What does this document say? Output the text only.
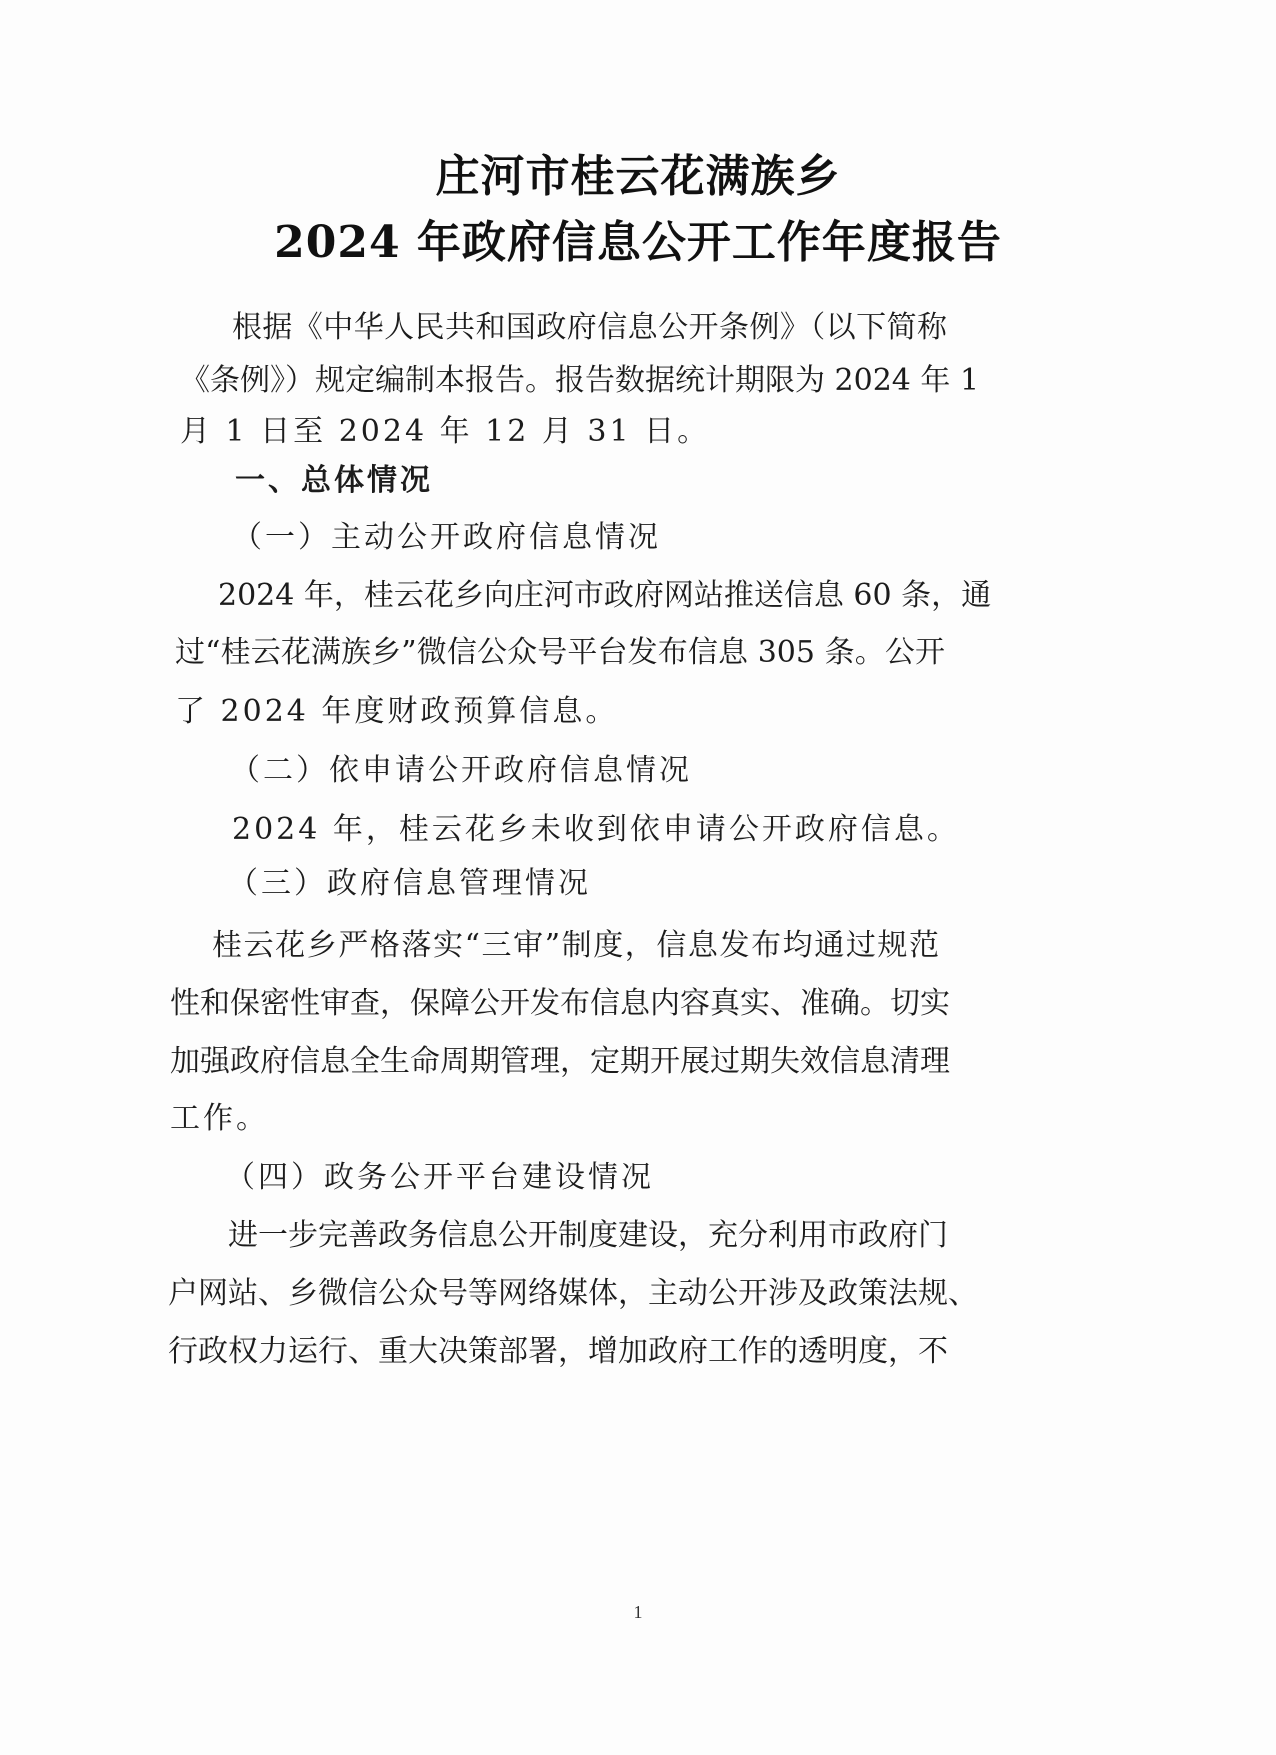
庄河市桂云花满族乡
2024 年政府信息公开工作年度报告
根据《中华人民共和国政府信息公开条例》（以下简称
《条例》）规定编制本报告。报告数据统计期限为 2024 年 1
月 1 日至 2024 年 12 月 31 日。
一、总体情况
（一）主动公开政府信息情况
2024 年，桂云花乡向庄河市政府网站推送信息 60 条，通
过“桂云花满族乡”微信公众号平台发布信息 305 条。公开
了 2024 年度财政预算信息。
（二）依申请公开政府信息情况
2024 年，桂云花乡未收到依申请公开政府信息。
（三）政府信息管理情况
桂云花乡严格落实“三审”制度，信息发布均通过规范
性和保密性审查，保障公开发布信息内容真实、准确。切实
加强政府信息全生命周期管理，定期开展过期失效信息清理
工作。
（四）政务公开平台建设情况
进一步完善政务信息公开制度建设，充分利用市政府门
户网站、乡微信公众号等网络媒体，主动公开涉及政策法规、
行政权力运行、重大决策部署，增加政府工作的透明度，不
1
